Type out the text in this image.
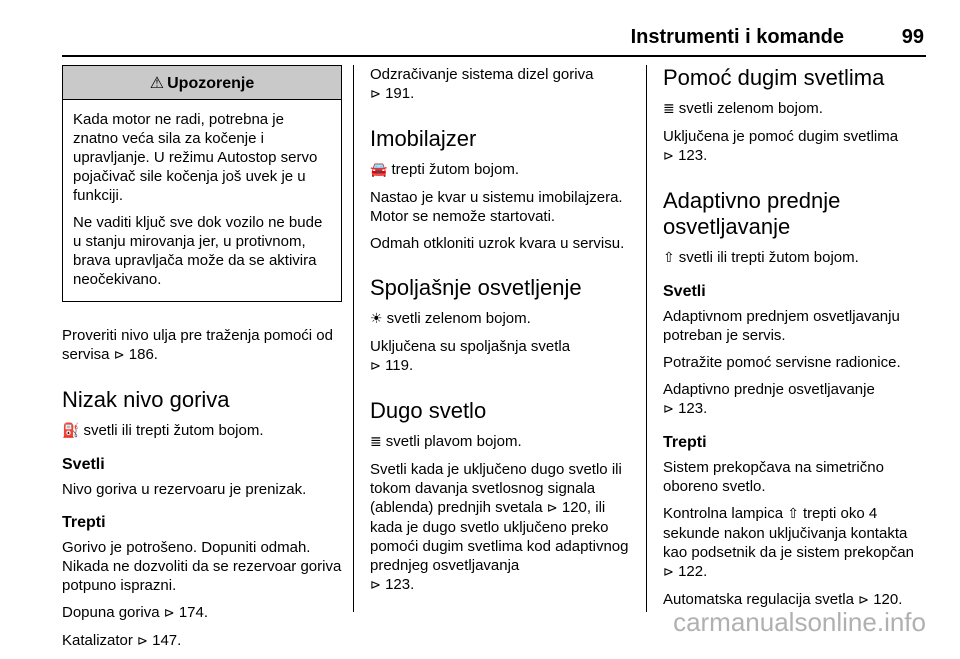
Instrumenti i komande	99
⚠ Upozorenje

Kada motor ne radi, potrebna je znatno veća sila za kočenje i upravljanje. U režimu Autostop servo pojačivač sile kočenja još uvek je u funkciji.

Ne vaditi ključ sve dok vozilo ne bude u stanju mirovanja jer, u protivnom, brava upravljača može da se aktivira neočekivano.

Proveriti nivo ulja pre traženja pomoći od servisa ⊳ 186.

Nizak nivo goriva

⛽ svetli ili trepti žutom bojom.

Svetli

Nivo goriva u rezervoaru je prenizak.

Trepti

Gorivo je potrošeno. Dopuniti odmah. Nikada ne dozvoliti da se rezervoar goriva potpuno isprazni.

Dopuna goriva ⊳ 174.

Katalizator ⊳ 147.

Odzračivanje sistema dizel goriva
⊳ 191.

Imobilajzer

🚘 trepti žutom bojom.

Nastao je kvar u sistemu imobilajzera. Motor se nemože startovati.

Odmah otkloniti uzrok kvara u servisu.

Spoljašnje osvetljenje

☀ svetli zelenom bojom.

Uključena su spoljašnja svetla
⊳ 119.

Dugo svetlo

≣ svetli plavom bojom.

Svetli kada je uključeno dugo svetlo ili tokom davanja svetlosnog signala (ablenda) prednjih svetala ⊳ 120, ili kada je dugo svetlo uključeno preko pomoći dugim svetlima kod adaptivnog prednjeg osvetljavanja
⊳ 123.

Pomoć dugim svetlima

≣ svetli zelenom bojom.

Uključena je pomoć dugim svetlima
⊳ 123.

Adaptivno prednje osvetljavanje

⇧ svetli ili trepti žutom bojom.

Svetli

Adaptivnom prednjem osvetljavanju potreban je servis.

Potražite pomoć servisne radionice.

Adaptivno prednje osvetljavanje
⊳ 123.

Trepti

Sistem prekopčava na simetrično oboreno svetlo.

Kontrolna lampica ⇧ trepti oko 4 sekunde nakon uključivanja kontakta kao podsetnik da je sistem prekopčan ⊳ 122.

Automatska regulacija svetla ⊳ 120.

carmanualsonline.info
